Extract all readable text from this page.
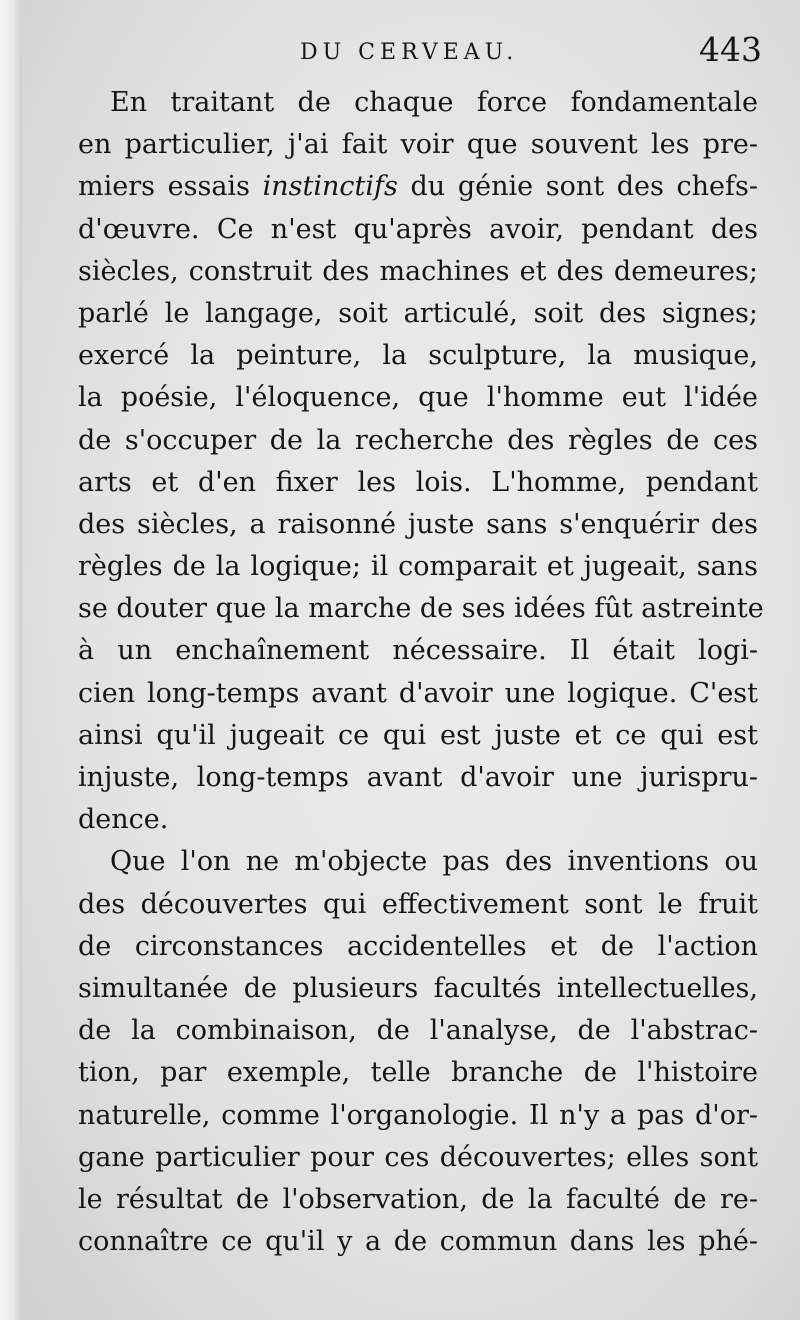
DU CERVEAU.	443
En traitant de chaque force fondamentale
en particulier, j'ai fait voir que souvent les pre-
miers essais instinctifs du génie sont des chefs-
d'œuvre. Ce n'est qu'après avoir, pendant des
siècles, construit des machines et des demeures;
parlé le langage, soit articulé, soit des signes;
exercé la peinture, la sculpture, la musique,
la poésie, l'éloquence, que l'homme eut l'idée
de s'occuper de la recherche des règles de ces
arts et d'en fixer les lois. L'homme, pendant
des siècles, a raisonné juste sans s'enquérir des
règles de la logique; il comparait et jugeait, sans
se douter que la marche de ses idées fût astreinte
à un enchaînement nécessaire. Il était logi-
cien long-temps avant d'avoir une logique. C'est
ainsi qu'il jugeait ce qui est juste et ce qui est
injuste, long-temps avant d'avoir une jurispru-
dence.
Que l'on ne m'objecte pas des inventions ou
des découvertes qui effectivement sont le fruit
de circonstances accidentelles et de l'action
simultanée de plusieurs facultés intellectuelles,
de la combinaison, de l'analyse, de l'abstrac-
tion, par exemple, telle branche de l'histoire
naturelle, comme l'organologie. Il n'y a pas d'or-
gane particulier pour ces découvertes; elles sont
le résultat de l'observation, de la faculté de re-
connaître ce qu'il y a de commun dans les phé-
